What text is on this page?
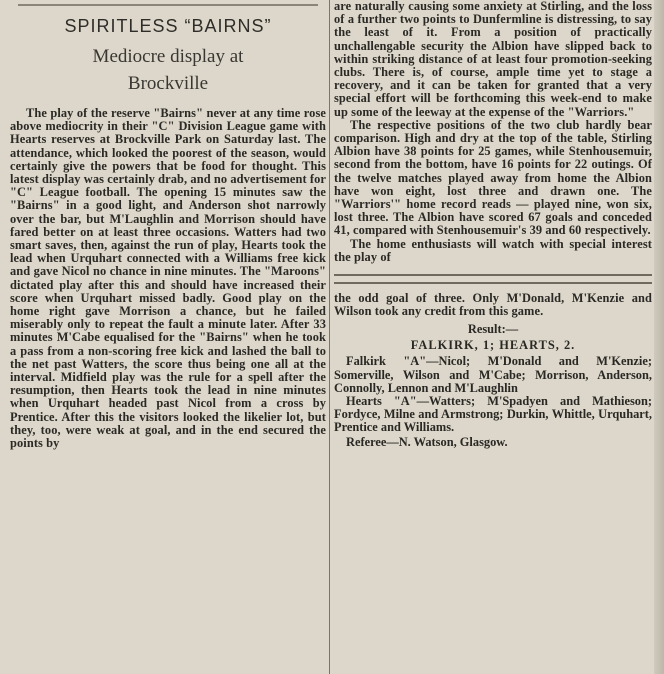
SPIRITLESS “BAIRNS”
Mediocre display at
Brockville

The play of the reserve "Bairns" never at any time rose above mediocrity in their "C" Division League game with Hearts reserves at Brockville Park on Saturday last. The attendance, which looked the poorest of the season, would certainly give the powers that be food for thought. This latest display was certainly drab, and no advertisement for "C" League football. The opening 15 minutes saw the "Bairns" in a good light, and Anderson shot narrowly over the bar, but M'Laughlin and Morrison should have fared better on at least three occasions. Watters had two smart saves, then, against the run of play, Hearts took the lead when Urquhart connected with a Williams free kick and gave Nicol no chance in nine minutes. The "Maroons" dictated play after this and should have increased their score when Urquhart missed badly. Good play on the home right gave Morrison a chance, but he failed miserably only to repeat the fault a minute later. After 33 minutes M'Cabe equalised for the "Bairns" when he took a pass from a non-scoring free kick and lashed the ball to the net past Watters, the score thus being one all at the interval. Midfield play was the rule for a spell after the resumption, then Hearts took the lead in nine minutes when Urquhart headed past Nicol from a cross by Prentice. After this the visitors looked the likelier lot, but they, too, were weak at goal, and in the end secured the points by

are naturally causing some anxiety at Stirling, and the loss of a further two points to Dunfermline is distressing, to say the least of it. From a position of practically unchallengable security the Albion have slipped back to within striking distance of at least four promotion-seeking clubs. There is, of course, ample time yet to stage a recovery, and it can be taken for granted that a very special effort will be forthcoming this week-end to make up some of the leeway at the expense of the "Warriors."

The respective positions of the two club hardly bear comparison. High and dry at the top of the table, Stirling Albion have 38 points for 25 games, while Stenhousemuir, second from the bottom, have 16 points for 22 outings. Of the twelve matches played away from home the Albion have won eight, lost three and drawn one. The "Warriors'" home record reads — played nine, won six, lost three. The Albion have scored 67 goals and conceded 41, compared with Stenhousemuir's 39 and 60 respectively.

The home enthusiasts will watch with special interest the play of

the odd goal of three. Only M'Donald, M'Kenzie and Wilson took any credit from this game.

Result:—
FALKIRK, 1; HEARTS, 2.

Falkirk "A"—Nicol; M'Donald and M'Kenzie; Somerville, Wilson and M'Cabe; Morrison, Anderson, Connolly, Lennon and M'Laughlin

Hearts "A"—Watters; M'Spadyen and Mathieson; Fordyce, Milne and Armstrong; Durkin, Whittle, Urquhart, Prentice and Williams.

Referee—N. Watson, Glasgow.
